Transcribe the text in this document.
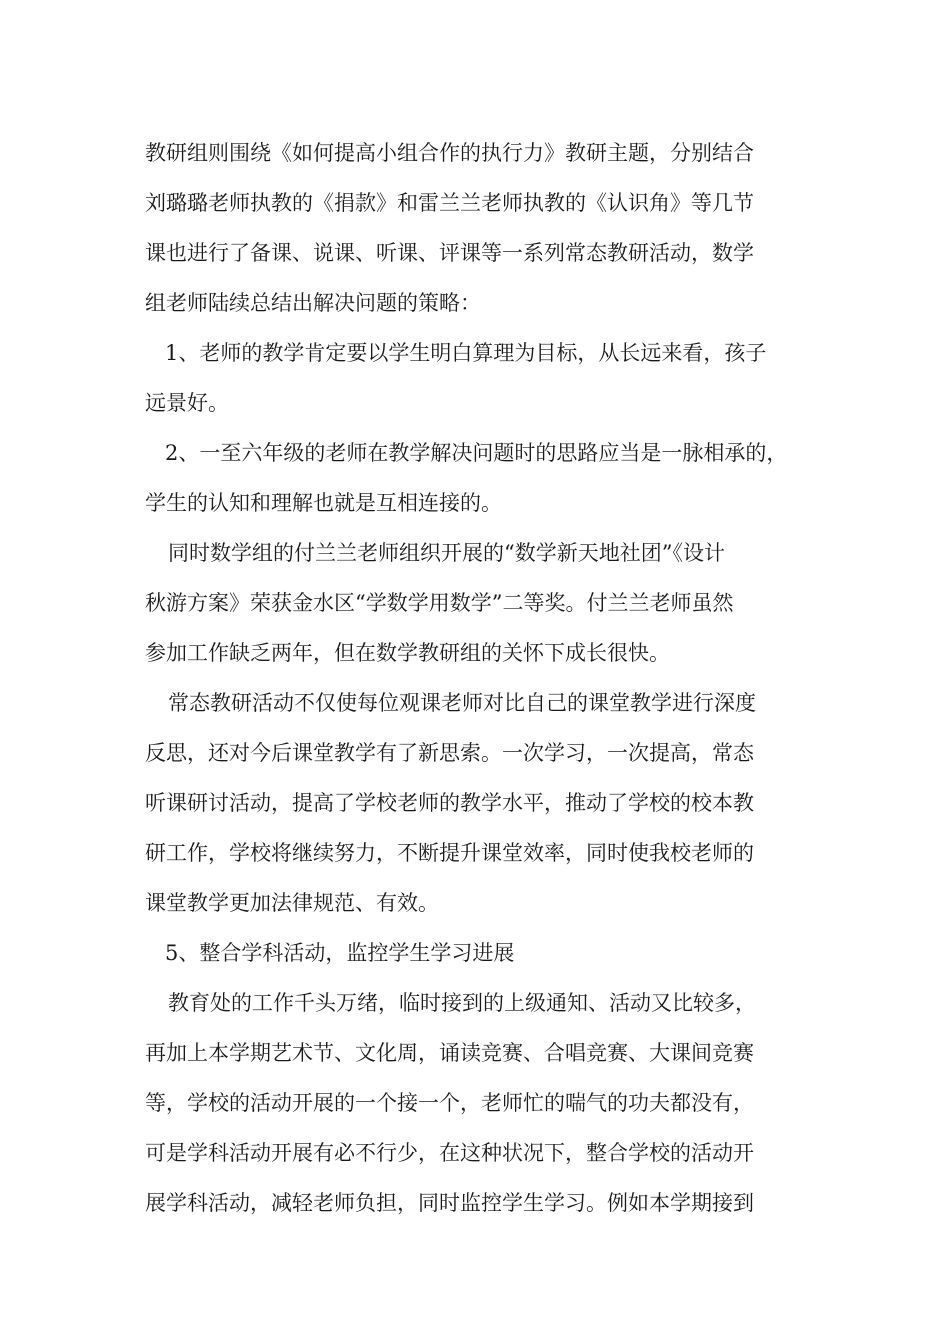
教研组则围绕《如何提高小组合作的执行力》教研主题，分别结合
刘璐璐老师执教的《捐款》和雷兰兰老师执教的《认识角》等几节
课也进行了备课、说课、听课、评课等一系列常态教研活动，数学
组老师陆续总结出解决问题的策略：
1、老师的教学肯定要以学生明白算理为目标，从长远来看，孩子
远景好。
2、一至六年级的老师在教学解决问题时的思路应当是一脉相承的，
学生的认知和理解也就是互相连接的。
同时数学组的付兰兰老师组织开展的“数学新天地社团”《设计
秋游方案》荣获金水区“学数学用数学”二等奖。付兰兰老师虽然
参加工作缺乏两年，但在数学教研组的关怀下成长很快。
常态教研活动不仅使每位观课老师对比自己的课堂教学进行深度
反思，还对今后课堂教学有了新思索。一次学习，一次提高，常态
听课研讨活动，提高了学校老师的教学水平，推动了学校的校本教
研工作，学校将继续努力，不断提升课堂效率，同时使我校老师的
课堂教学更加法律规范、有效。
5、整合学科活动，监控学生学习进展
教育处的工作千头万绪，临时接到的上级通知、活动又比较多，
再加上本学期艺术节、文化周，诵读竞赛、合唱竞赛、大课间竞赛
等，学校的活动开展的一个接一个，老师忙的喘气的功夫都没有，
可是学科活动开展有必不行少，在这种状况下，整合学校的活动开
展学科活动，减轻老师负担，同时监控学生学习。例如本学期接到
